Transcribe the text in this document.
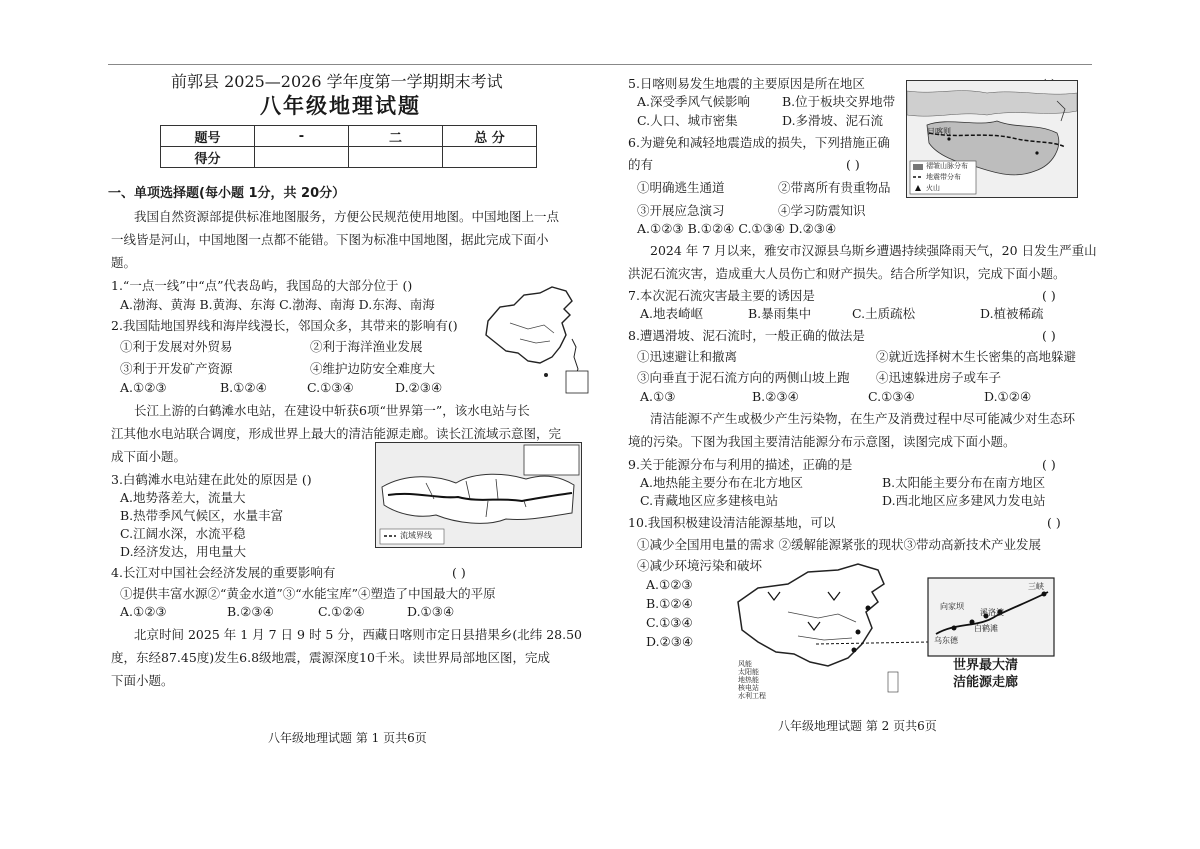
前郭县 2025—2026 学年度第一学期期末考试
八年级地理试题
题号	-	二	总 分
得分			
一、单项选择题(每小题 1分，共 20分）
我国自然资源部提供标准地图服务，方便公民规范使用地图。中国地图上一点
一线皆是河山，中国地图一点都不能错。下图为标准中国地图，据此完成下面小
题。
1.“一点一线”中“点”代表岛屿，我国岛的大部分位于 ()
A.渤海、黄海 B.黄海、东海 C.渤海、南海 D.东海、南海
2.我国陆地国界线和海岸线漫长，邻国众多，其带来的影响有()
①利于发展对外贸易	②利于海洋渔业发展
③利于开发矿产资源	④维护边防安全难度大
A.①②③	B.①②④	C.①③④	D.②③④
长江上游的白鹤滩水电站，在建设中斩获6项“世界第一”，该水电站与长
江其他水电站联合调度，形成世界上最大的清洁能源走廊。读长江流域示意图，完
成下面小题。
流域界线
3.白鹤滩水电站建在此处的原因是 ()
A.地势落差大，流量大
B.热带季风气候区，水量丰富
C.江阔水深，水流平稳
D.经济发达，用电量大
4.长江对中国社会经济发展的重要影响有	( )
①提供丰富水源②“黄金水道”③“水能宝库”④塑造了中国最大的平原
A.①②③	B.②③④	C.①②④	D.①③④
北京时间 2025 年 1 月 7 日 9 时 5 分，西藏日喀则市定日县措果乡(北纬 28.50
度，东经87.45度)发生6.8级地震，震源深度10千米。读世界局部地区图，完成
下面小题。
八年级地理试题 第 1 页共6页
5.日喀则易发生地震的主要原因是所在地区
A.深受季风气候影响	B.位于板块交界地带
C.人口、城市密集	D.多滑坡、泥石流
6.为避免和减轻地震造成的损失，下列措施正确
的有	( )
①明确逃生通道	②带离所有贵重物品
③开展应急演习	④学习防震知识
A.①②③ B.①②④ C.①③④ D.②③④
日喀则
褶皱山脉分布
地震带分布
火山
2024 年 7 月以来，雅安市汉源县乌斯乡遭遇持续强降雨天气，20 日发生严重山
洪泥石流灾害，造成重大人员伤亡和财产损失。结合所学知识，完成下面小题。
7.本次泥石流灾害最主要的诱因是	( )
A.地表崎岖	B.暴雨集中	C.土质疏松	D.植被稀疏
8.遭遇滑坡、泥石流时，一般正确的做法是	( )
①迅速避让和撤离	②就近选择树木生长密集的高地躲避
③向垂直于泥石流方向的两侧山坡上跑 ④迅速躲进房子或车子
A.①③	B.②③④	C.①③④	D.①②④
清洁能源不产生或极少产生污染物，在生产及消费过程中尽可能减少对生态环
境的污染。下图为我国主要清洁能源分布示意图，读图完成下面小题。
9.关于能源分布与利用的描述，正确的是	( )
A.地热能主要分布在北方地区	B.太阳能主要分布在南方地区
C.青藏地区应多建核电站	D.西北地区应多建风力发电站
10.我国积极建设清洁能源基地，可以	( )
①减少全国用电量的需求 ②缓解能源紧张的现状③带动高新技术产业发展
④减少环境污染和破坏
A.①②③
B.①②④
C.①③④
D.②③④
世界最大清
洁能源走廊
乌东德
溪洛渡
白鹤滩
向家坝
三峡
风能
太阳能
地热能
核电站
水利工程
八年级地理试题 第 2 页共6页
